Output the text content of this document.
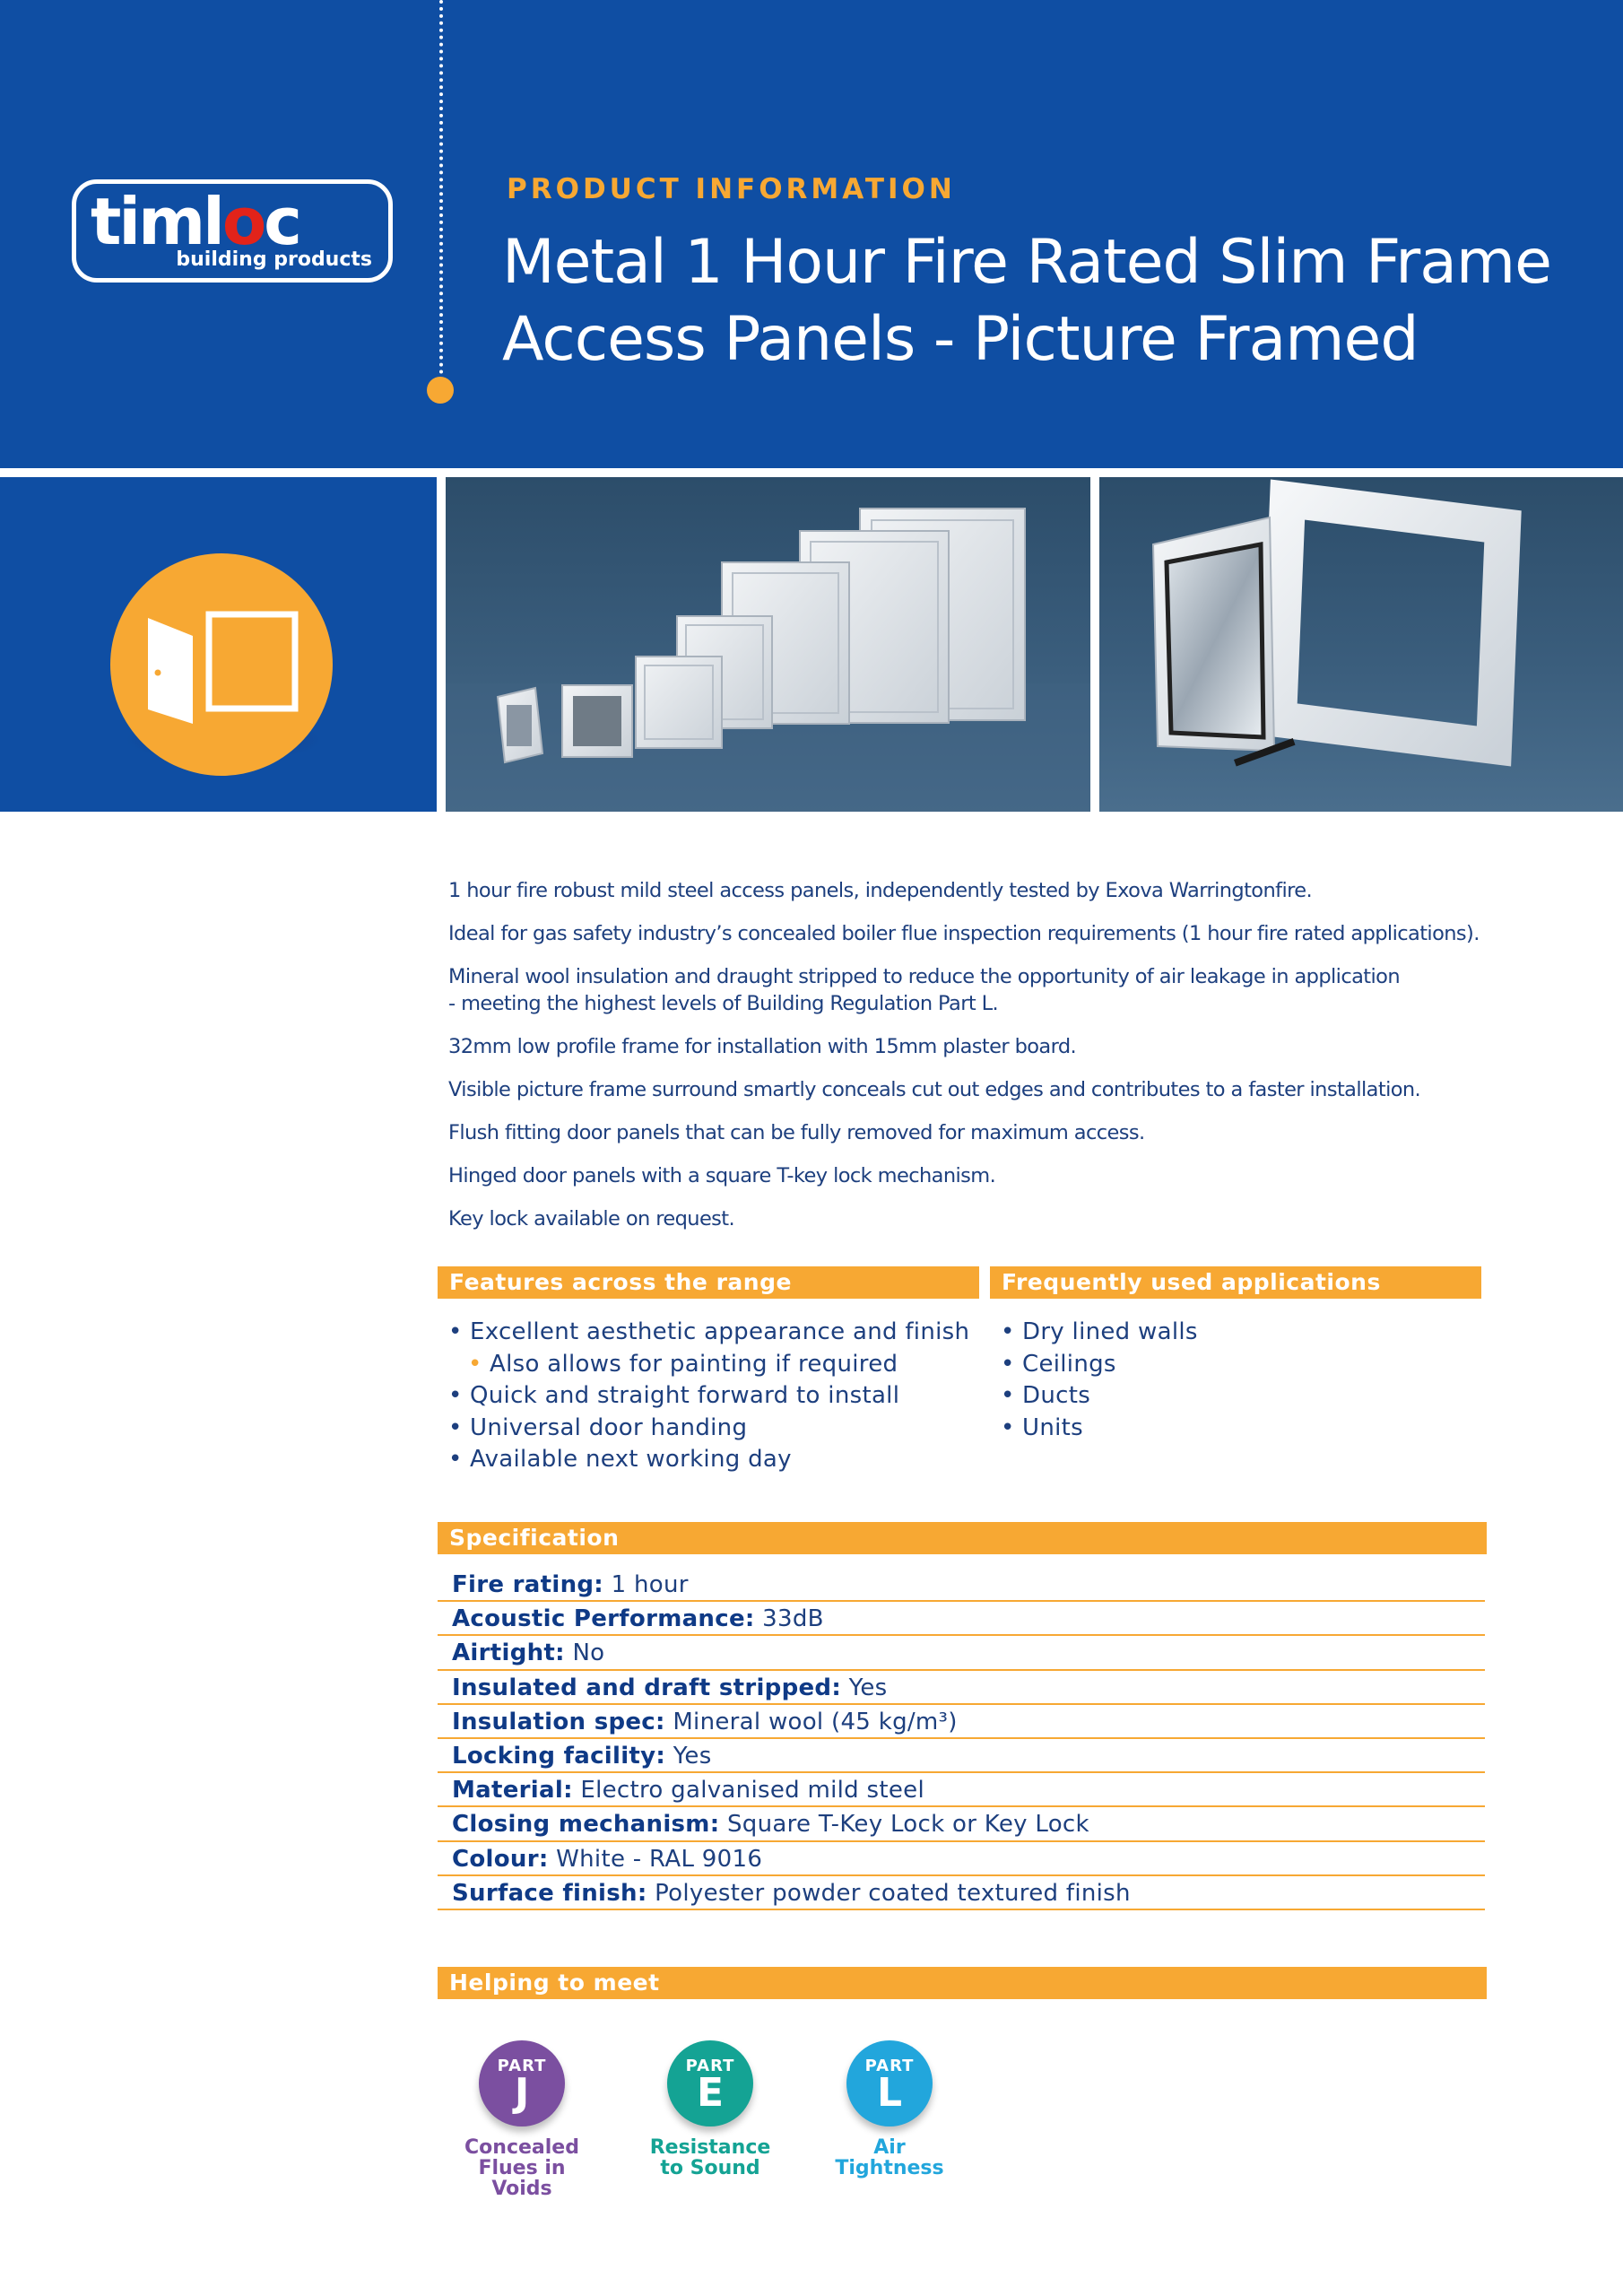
timloc
building products
PRODUCT INFORMATION
Metal 1 Hour Fire Rated Slim Frame
Access Panels - Picture Framed

1 hour fire robust mild steel access panels, independently tested by Exova Warringtonfire.

Ideal for gas safety industry’s concealed boiler flue inspection requirements (1 hour fire rated applications).

Mineral wool insulation and draught stripped to reduce the opportunity of air leakage in application
- meeting the highest levels of Building Regulation Part L.

32mm low profile frame for installation with 15mm plaster board.

Visible picture frame surround smartly conceals cut out edges and contributes to a faster installation.

Flush fitting door panels that can be fully removed for maximum access.

Hinged door panels with a square T-key lock mechanism.

Key lock available on request.

Features across the range	Frequently used applications
• Excellent aesthetic appearance and finish
• Also allows for painting if required
• Quick and straight forward to install
• Universal door handing
• Available next working day
• Dry lined walls
• Ceilings
• Ducts
• Units
Specification
Fire rating: 1 hour
Acoustic Performance: 33dB
Airtight: No
Insulated and draft stripped: Yes
Insulation spec: Mineral wool (45 kg/m³)
Locking facility: Yes
Material: Electro galvanised mild steel
Closing mechanism: Square T-Key Lock or Key Lock
Colour: White - RAL 9016
Surface finish: Polyester powder coated textured finish
Helping to meet
PART
J
Concealed
Flues in Voids
PART
E
Resistance
to Sound
PART
L
Air
Tightness
